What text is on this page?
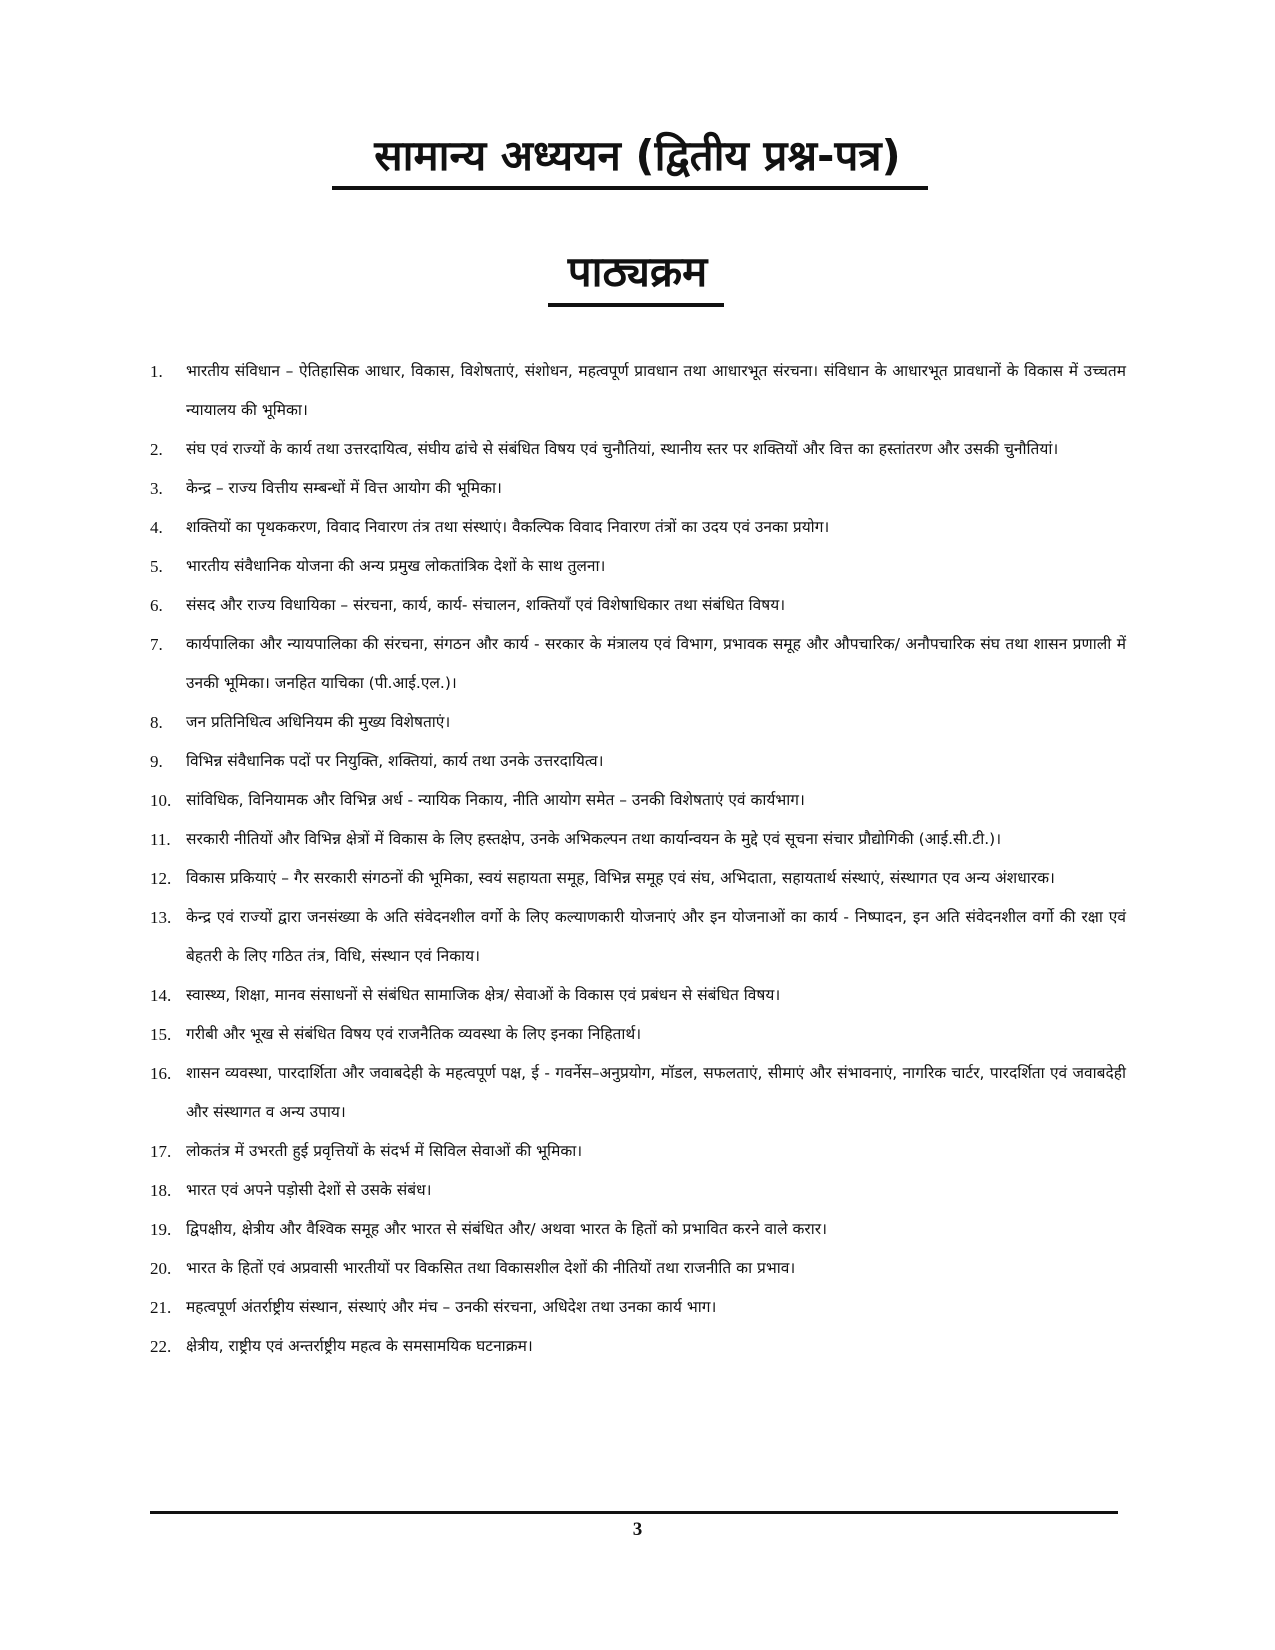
सामान्य अध्ययन (द्वितीय प्रश्न-पत्र)
पाठ्यक्रम
1. भारतीय संविधान – ऐतिहासिक आधार, विकास, विशेषताएं, संशोधन, महत्वपूर्ण प्रावधान तथा आधारभूत संरचना। संविधान के आधारभूत प्रावधानों के विकास में उच्चतम न्यायालय की भूमिका।
2. संघ एवं राज्यों के कार्य तथा उत्तरदायित्व, संघीय ढांचे से संबंधित विषय एवं चुनौतियां, स्थानीय स्तर पर शक्तियों और वित्त का हस्तांतरण और उसकी चुनौतियां।
3. केन्द्र – राज्य वित्तीय सम्बन्धों में वित्त आयोग की भूमिका।
4. शक्तियों का पृथककरण, विवाद निवारण तंत्र तथा संस्थाएं। वैकल्पिक विवाद निवारण तंत्रों का उदय एवं उनका प्रयोग।
5. भारतीय संवैधानिक योजना की अन्य प्रमुख लोकतांत्रिक देशों के साथ तुलना।
6. संसद और राज्य विधायिका – संरचना, कार्य, कार्य- संचालन, शक्तियाँ एवं विशेषाधिकार तथा संबंधित विषय।
7. कार्यपालिका और न्यायपालिका की संरचना, संगठन और कार्य - सरकार के मंत्रालय एवं विभाग, प्रभावक समूह और औपचारिक/ अनौपचारिक संघ तथा शासन प्रणाली में उनकी भूमिका। जनहित याचिका (पी.आई.एल.)।
8. जन प्रतिनिधित्व अधिनियम की मुख्य विशेषताएं।
9. विभिन्न संवैधानिक पदों पर नियुक्ति, शक्तियां, कार्य तथा उनके उत्तरदायित्व।
10. सांविधिक, विनियामक और विभिन्न अर्ध - न्यायिक निकाय, नीति आयोग समेत – उनकी विशेषताएं एवं कार्यभाग।
11. सरकारी नीतियों और विभिन्न क्षेत्रों में विकास के लिए हस्तक्षेप, उनके अभिकल्पन तथा कार्यान्वयन के मुद्दे एवं सूचना संचार प्रौद्योगिकी (आई.सी.टी.)।
12. विकास प्रकियाएं – गैर सरकारी संगठनों की भूमिका, स्वयं सहायता समूह, विभिन्न समूह एवं संघ, अभिदाता, सहायतार्थ संस्थाएं, संस्थागत एव अन्य अंशधारक।
13. केन्द्र एवं राज्यों द्वारा जनसंख्या के अति संवेदनशील वर्गो के लिए कल्याणकारी योजनाएं और इन योजनाओं का कार्य - निष्पादन, इन अति संवेदनशील वर्गो की रक्षा एवं बेहतरी के लिए गठित तंत्र, विधि, संस्थान एवं निकाय।
14. स्वास्थ्य, शिक्षा, मानव संसाधनों से संबंधित सामाजिक क्षेत्र/ सेवाओं के विकास एवं प्रबंधन से संबंधित विषय।
15. गरीबी और भूख से संबंधित विषय एवं राजनैतिक व्यवस्था के लिए इनका निहितार्थ।
16. शासन व्यवस्था, पारदार्शिता और जवाबदेही के महत्वपूर्ण पक्ष, ई - गवर्नेस–अनुप्रयोग, मॉडल, सफलताएं, सीमाएं और संभावनाएं, नागरिक चार्टर, पारदर्शिता एवं जवाबदेही और संस्थागत व अन्य उपाय।
17. लोकतंत्र में उभरती हुई प्रवृत्तियों के संदर्भ में सिविल सेवाओं की भूमिका।
18. भारत एवं अपने पड़ोसी देशों से उसके संबंध।
19. द्विपक्षीय, क्षेत्रीय और वैश्विक समूह और भारत से संबंधित और/ अथवा भारत के हितों को प्रभावित करने वाले करार।
20. भारत के हितों एवं अप्रवासी भारतीयों पर विकसित तथा विकासशील देशों की नीतियों तथा राजनीति का प्रभाव।
21. महत्वपूर्ण अंतर्राष्ट्रीय संस्थान, संस्थाएं और मंच – उनकी संरचना, अधिदेश तथा उनका कार्य भाग।
22. क्षेत्रीय, राष्ट्रीय एवं अन्तर्राष्ट्रीय महत्व के समसामयिक घटनाक्रम।
3
